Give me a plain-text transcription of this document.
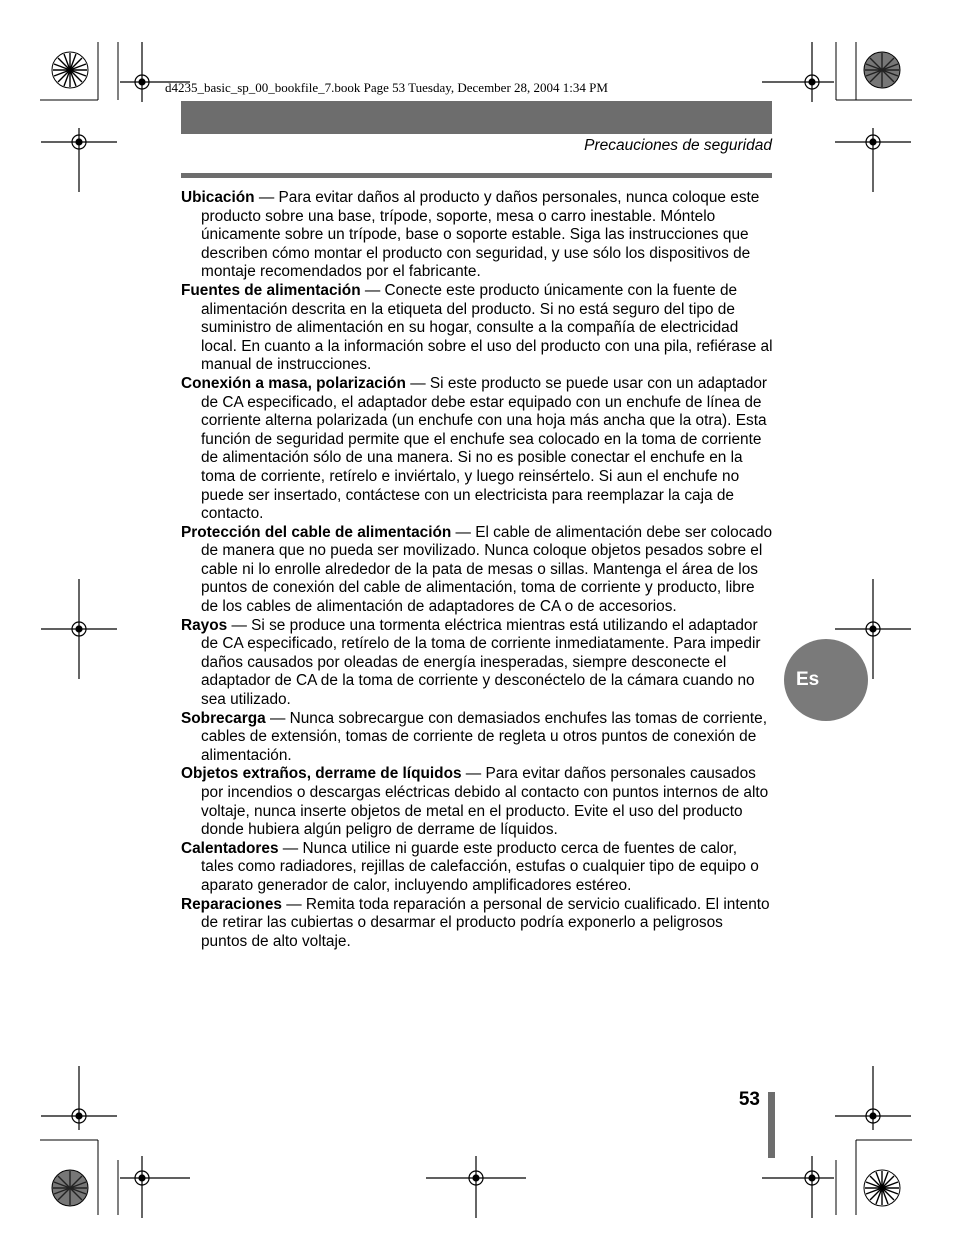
d4235_basic_sp_00_bookfile_7.book Page 53 Tuesday, December 28, 2004 1:34 PM
Precauciones de seguridad

Ubicación — Para evitar daños al producto y daños personales, nunca coloque este producto sobre una base, trípode, soporte, mesa o carro inestable. Móntelo únicamente sobre un trípode, base o soporte estable. Siga las instrucciones que describen cómo montar el producto con seguridad, y use sólo los dispositivos de montaje recomendados por el fabricante.

Fuentes de alimentación — Conecte este producto únicamente con la fuente de alimentación descrita en la etiqueta del producto. Si no está seguro del tipo de suministro de alimentación en su hogar, consulte a la compañía de electricidad local. En cuanto a la información sobre el uso del producto con una pila, refiérase al manual de instrucciones.

Conexión a masa, polarización — Si este producto se puede usar con un adaptador de CA especificado, el adaptador debe estar equipado con un enchufe de línea de corriente alterna polarizada (un enchufe con una hoja más ancha que la otra). Esta función de seguridad permite que el enchufe sea colocado en la toma de corriente de alimentación sólo de una manera. Si no es posible conectar el enchufe en la toma de corriente, retírelo e inviértalo, y luego reinsértelo. Si aun el enchufe no puede ser insertado, contáctese con un electricista para reemplazar la caja de contacto.

Protección del cable de alimentación — El cable de alimentación debe ser colocado de manera que no pueda ser movilizado. Nunca coloque objetos pesados sobre el cable ni lo enrolle alrededor de la pata de mesas o sillas. Mantenga el área de los puntos de conexión del cable de alimentación, toma de corriente y producto, libre de los cables de alimentación de adaptadores de CA o de accesorios.

Rayos — Si se produce una tormenta eléctrica mientras está utilizando el adaptador de CA especificado, retírelo de la toma de corriente inmediatamente. Para impedir daños causados por oleadas de energía inesperadas, siempre desconecte el adaptador de CA de la toma de corriente y desconéctelo de la cámara cuando no sea utilizado.

Sobrecarga — Nunca sobrecargue con demasiados enchufes las tomas de corriente, cables de extensión, tomas de corriente de regleta u otros puntos de conexión de alimentación.

Objetos extraños, derrame de líquidos — Para evitar daños personales causados por incendios o descargas eléctricas debido al contacto con puntos internos de alto voltaje, nunca inserte objetos de metal en el producto. Evite el uso del producto donde hubiera algún peligro de derrame de líquidos.

Calentadores — Nunca utilice ni guarde este producto cerca de fuentes de calor, tales como radiadores, rejillas de calefacción, estufas o cualquier tipo de equipo o aparato generador de calor, incluyendo amplificadores estéreo.

Reparaciones — Remita toda reparación a personal de servicio cualificado. El intento de retirar las cubiertas o desarmar el producto podría exponerlo a peligrosos puntos de alto voltaje.

Es
53
